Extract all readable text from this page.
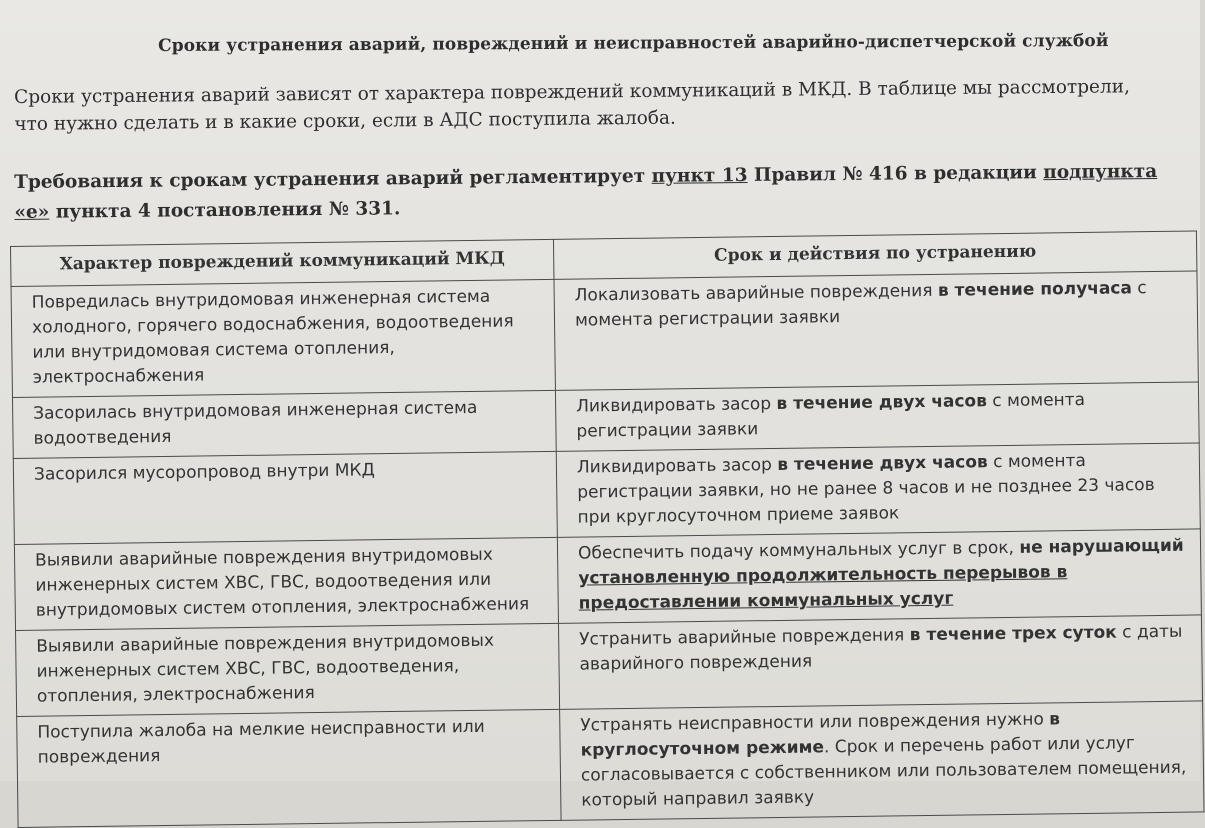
Сроки устранения аварий, повреждений и неисправностей аварийно-диспетчерской службой
Сроки устранения аварий зависят от характера повреждений коммуникаций в МКД. В таблице мы рассмотрели, что нужно сделать и в какие сроки, если в АДС поступила жалоба.
Требования к срокам устранения аварий регламентирует пункт 13 Правил № 416 в редакции подпункта «е» пункта 4 постановления № 331.
Характер повреждений коммуникаций МКД	Срок и действия по устранению
Повредилась внутридомовая инженерная система холодного, горячего водоснабжения, водоотведения или внутридомовая система отопления, электроснабжения	Локализовать аварийные повреждения в течение получаса с момента регистрации заявки
Засорилась внутридомовая инженерная система водоотведения	Ликвидировать засор в течение двух часов с момента регистрации заявки
Засорился мусоропровод внутри МКД	Ликвидировать засор в течение двух часов с момента регистрации заявки, но не ранее 8 часов и не позднее 23 часов при круглосуточном приеме заявок
Выявили аварийные повреждения внутридомовых инженерных систем ХВС, ГВС, водоотведения или внутридомовых систем отопления, электроснабжения	Обеспечить подачу коммунальных услуг в срок, не нарушающий установленную продолжительность перерывов в предоставлении коммунальных услуг
Выявили аварийные повреждения внутридомовых инженерных систем ХВС, ГВС, водоотведения, отопления, электроснабжения	Устранить аварийные повреждения в течение трех суток с даты аварийного повреждения
Поступила жалоба на мелкие неисправности или повреждения	Устранять неисправности или повреждения нужно в круглосуточном режиме. Срок и перечень работ или услуг согласовывается с собственником или пользователем помещения, который направил заявку
